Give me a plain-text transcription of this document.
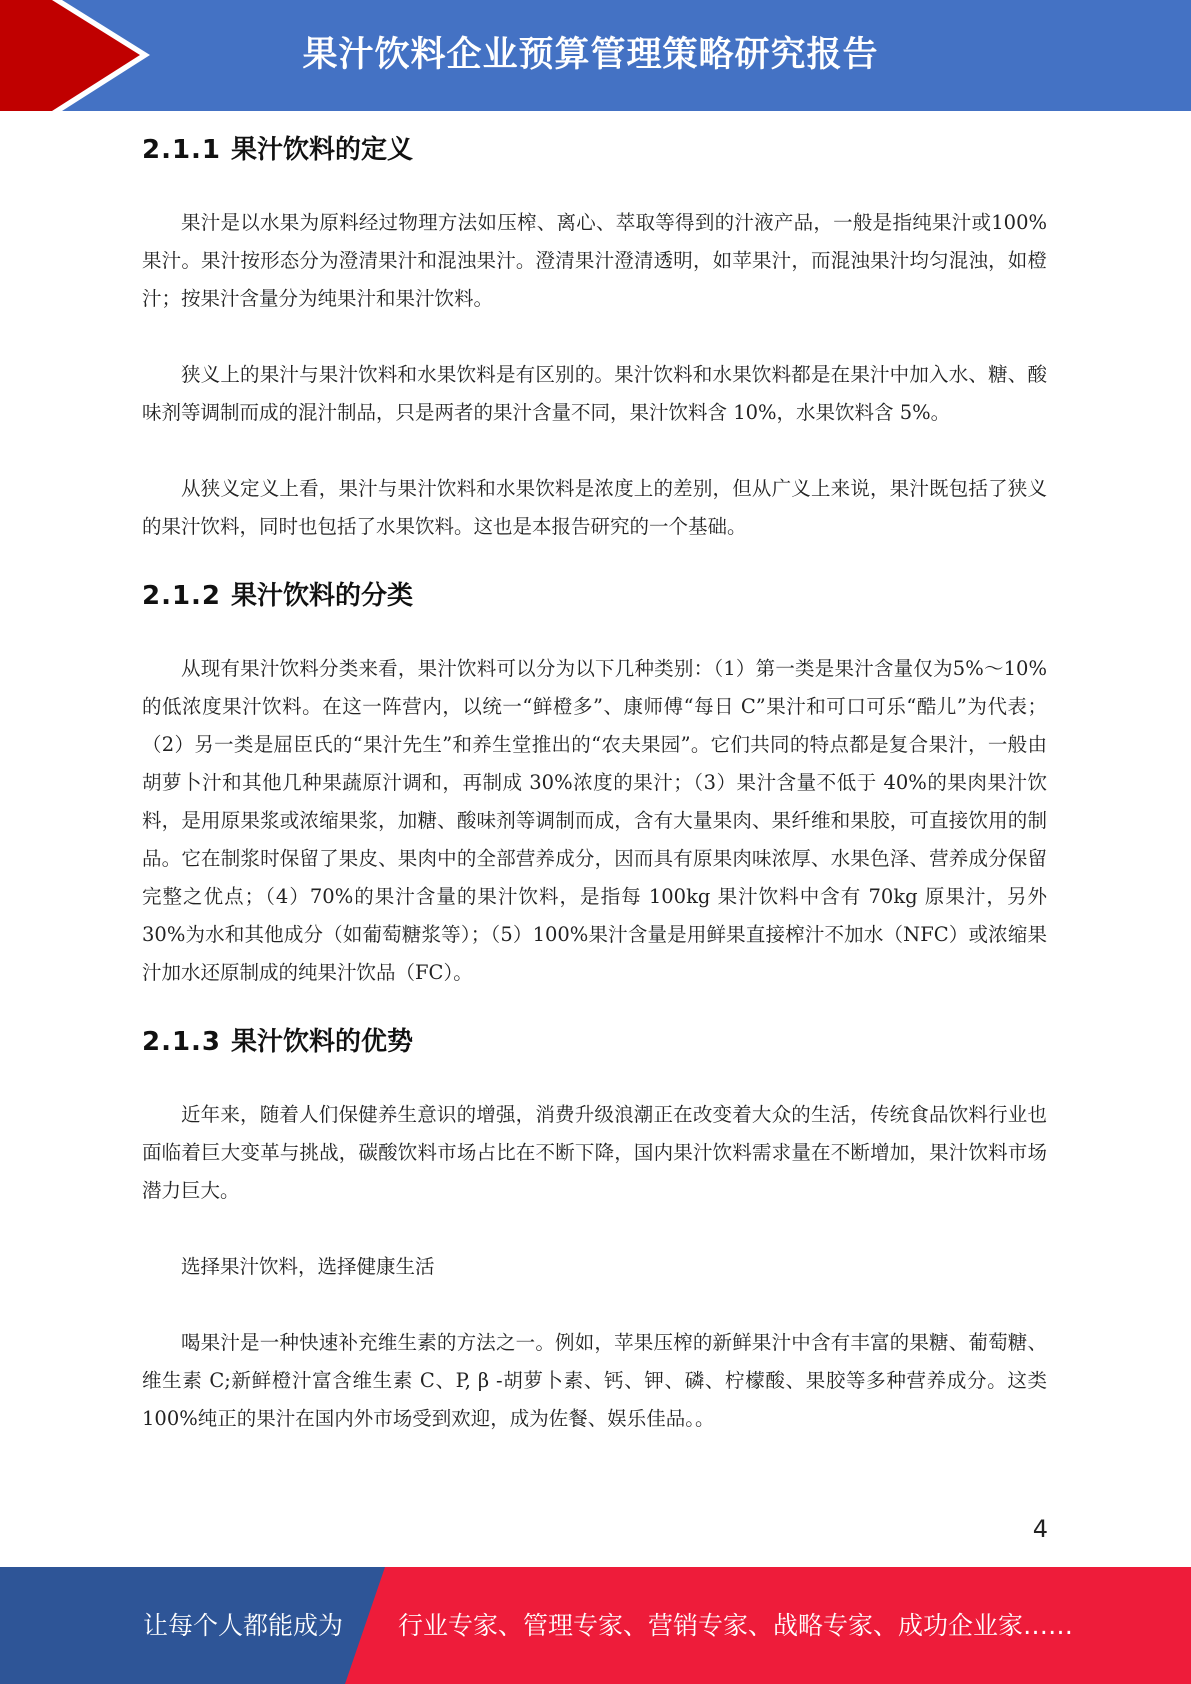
果汁饮料企业预算管理策略研究报告
2.1.1 果汁饮料的定义

果汁是以水果为原料经过物理方法如压榨、离心、萃取等得到的汁液产品，一般是指纯果汁或100%果汁。果汁按形态分为澄清果汁和混浊果汁。澄清果汁澄清透明，如苹果汁，而混浊果汁均匀混浊，如橙汁；按果汁含量分为纯果汁和果汁饮料。

狭义上的果汁与果汁饮料和水果饮料是有区别的。果汁饮料和水果饮料都是在果汁中加入水、糖、酸味剂等调制而成的混汁制品，只是两者的果汁含量不同，果汁饮料含 10%，水果饮料含 5%。

从狭义定义上看，果汁与果汁饮料和水果饮料是浓度上的差别，但从广义上来说，果汁既包括了狭义的果汁饮料，同时也包括了水果饮料。这也是本报告研究的一个基础。

2.1.2 果汁饮料的分类

从现有果汁饮料分类来看，果汁饮料可以分为以下几种类别：（1）第一类是果汁含量仅为5%～10%的低浓度果汁饮料。在这一阵营内，以统一“鲜橙多”、康师傅“每日 C”果汁和可口可乐“酷儿”为代表；（2）另一类是屈臣氏的“果汁先生”和养生堂推出的“农夫果园”。它们共同的特点都是复合果汁，一般由胡萝卜汁和其他几种果蔬原汁调和，再制成 30%浓度的果汁；（3）果汁含量不低于 40%的果肉果汁饮料，是用原果浆或浓缩果浆，加糖、酸味剂等调制而成，含有大量果肉、果纤维和果胶，可直接饮用的制品。它在制浆时保留了果皮、果肉中的全部营养成分，因而具有原果肉味浓厚、水果色泽、营养成分保留完整之优点；（4）70%的果汁含量的果汁饮料，是指每 100kg 果汁饮料中含有 70kg 原果汁，另外 30%为水和其他成分（如葡萄糖浆等）；（5）100%果汁含量是用鲜果直接榨汁不加水（NFC）或浓缩果汁加水还原制成的纯果汁饮品（FC）。

2.1.3 果汁饮料的优势

近年来，随着人们保健养生意识的增强，消费升级浪潮正在改变着大众的生活，传统食品饮料行业也面临着巨大变革与挑战，碳酸饮料市场占比在不断下降，国内果汁饮料需求量在不断增加，果汁饮料市场潜力巨大。

选择果汁饮料，选择健康生活

喝果汁是一种快速补充维生素的方法之一。例如，苹果压榨的新鲜果汁中含有丰富的果糖、葡萄糖、维生素 C;新鲜橙汁富含维生素 C、P, β -胡萝卜素、钙、钾、磷、柠檬酸、果胶等多种营养成分。这类 100%纯正的果汁在国内外市场受到欢迎，成为佐餐、娱乐佳品。。

4
让每个人都能成为 行业专家、管理专家、营销专家、战略专家、成功企业家……
